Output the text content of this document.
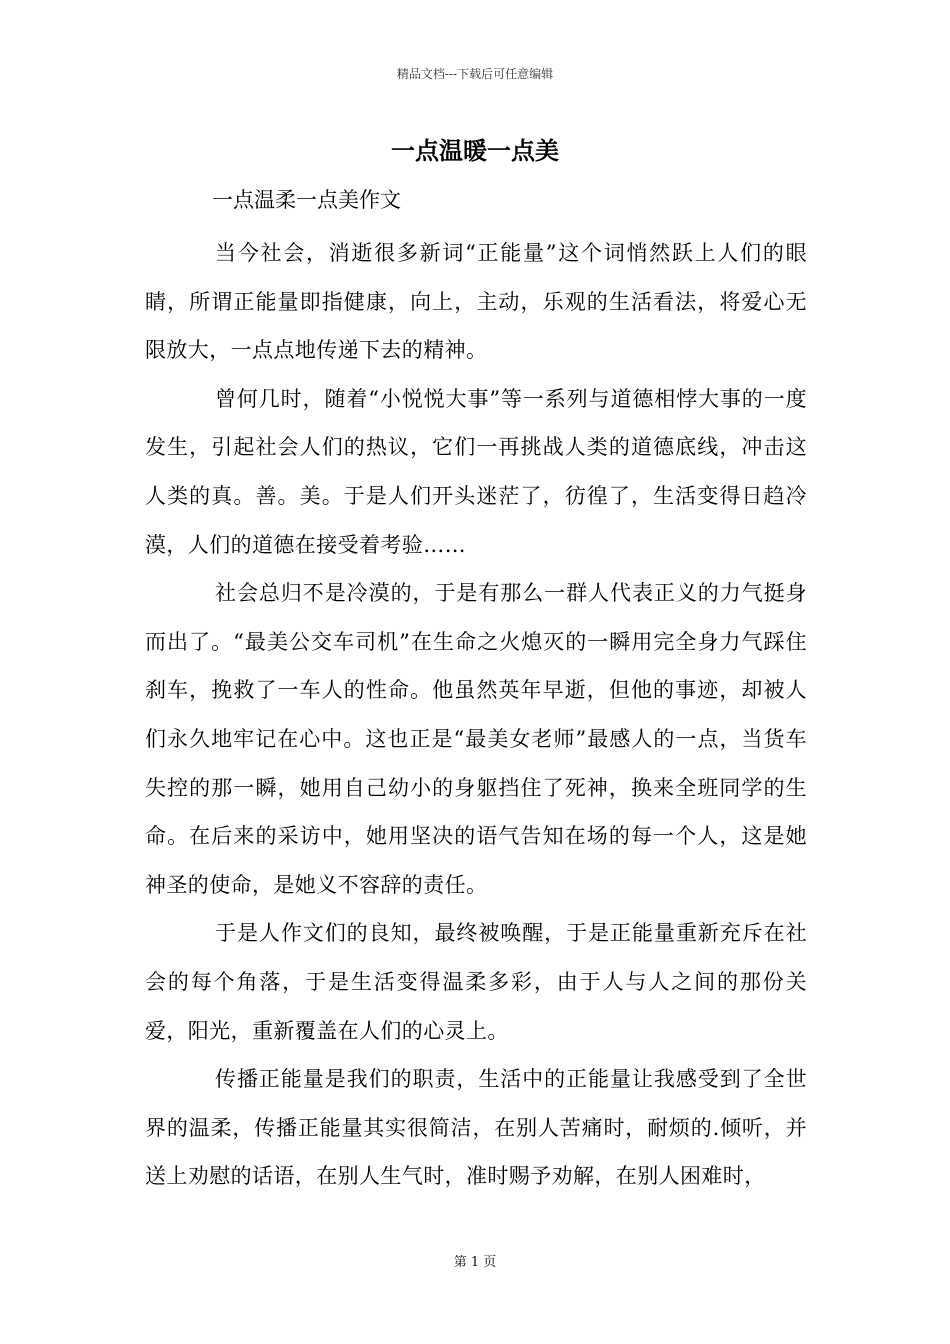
精品文档---下载后可任意编辑
一点温暖一点美
一点温柔一点美作文

当今社会，消逝很多新词“正能量”这个词悄然跃上人们的眼睛，所谓正能量即指健康，向上，主动，乐观的生活看法，将爱心无限放大，一点点地传递下去的精神。

曾何几时，随着“小悦悦大事”等一系列与道德相悖大事的一度发生，引起社会人们的热议，它们一再挑战人类的道德底线，冲击这人类的真。善。美。于是人们开头迷茫了，彷徨了，生活变得日趋冷漠，人们的道德在接受着考验……

社会总归不是冷漠的，于是有那么一群人代表正义的力气挺身而出了。“最美公交车司机”在生命之火熄灭的一瞬用完全身力气踩住刹车，挽救了一车人的性命。他虽然英年早逝，但他的事迹，却被人们永久地牢记在心中。这也正是“最美女老师”最感人的一点，当货车失控的那一瞬，她用自己幼小的身躯挡住了死神，换来全班同学的生命。在后来的采访中，她用坚决的语气告知在场的每一个人，这是她神圣的使命，是她义不容辞的责任。

于是人作文们的良知，最终被唤醒，于是正能量重新充斥在社会的每个角落，于是生活变得温柔多彩，由于人与人之间的那份关爱，阳光，重新覆盖在人们的心灵上。

传播正能量是我们的职责，生活中的正能量让我感受到了全世界的温柔，传播正能量其实很简洁，在别人苦痛时，耐烦的.倾听，并送上劝慰的话语，在别人生气时，准时赐予劝解，在别人困难时，

第 1 页
